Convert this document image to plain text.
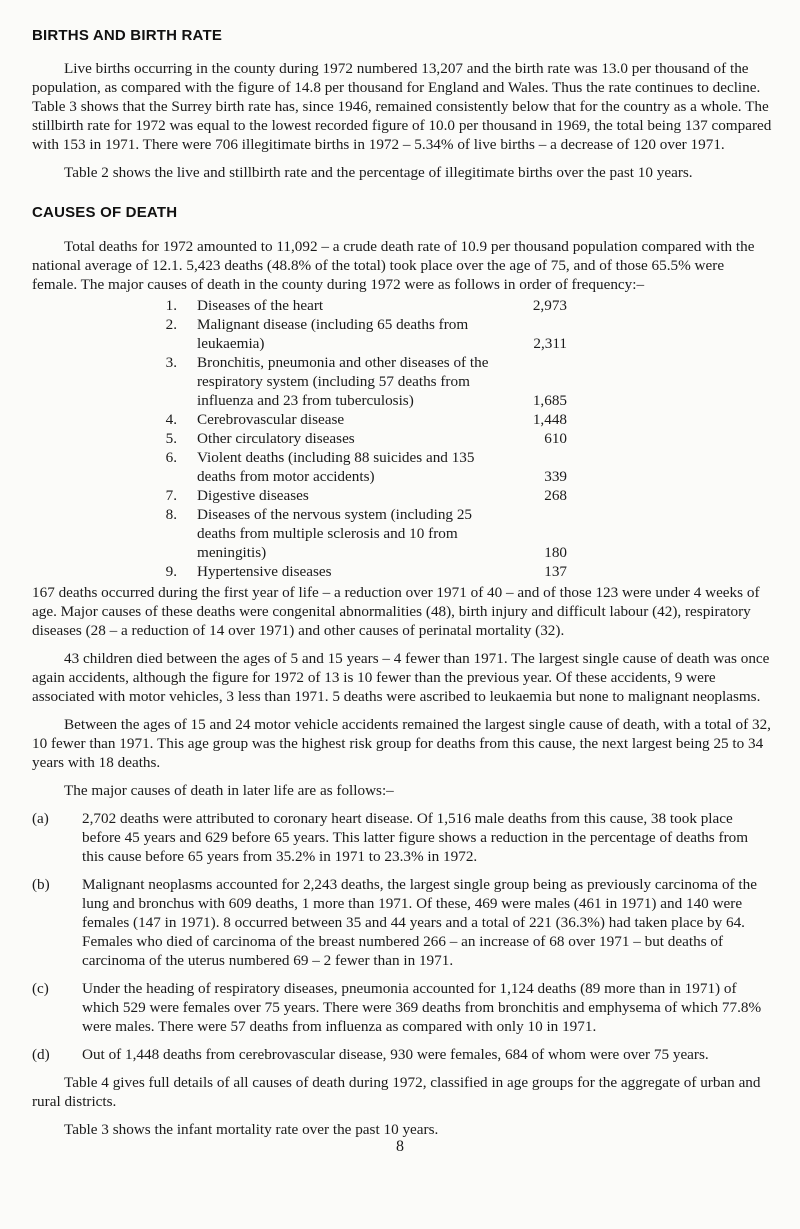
BIRTHS AND BIRTH RATE

Live births occurring in the county during 1972 numbered 13,207 and the birth rate was 13.0 per thousand of the population, as compared with the figure of 14.8 per thousand for England and Wales. Thus the rate continues to decline. Table 3 shows that the Surrey birth rate has, since 1946, remained consistently below that for the country as a whole. The stillbirth rate for 1972 was equal to the lowest recorded figure of 10.0 per thousand in 1969, the total being 137 compared with 153 in 1971. There were 706 illegitimate births in 1972 – 5.34% of live births – a decrease of 120 over 1971.

Table 2 shows the live and stillbirth rate and the percentage of illegitimate births over the past 10 years.

CAUSES OF DEATH

Total deaths for 1972 amounted to 11,092 – a crude death rate of 10.9 per thousand population compared with the national average of 12.1. 5,423 deaths (48.8% of the total) took place over the age of 75, and of those 65.5% were female. The major causes of death in the county during 1972 were as follows in order of frequency:–

1.	Diseases of the heart	2,973
2.	Malignant disease (including 65 deaths from leukaemia)	2,311
3.	Bronchitis, pneumonia and other diseases of the respiratory system (including 57 deaths from influenza and 23 from tuberculosis)	1,685
4.	Cerebrovascular disease	1,448
5.	Other circulatory diseases	610
6.	Violent deaths (including 88 suicides and 135 deaths from motor accidents)	339
7.	Digestive diseases	268
8.	Diseases of the nervous system (including 25 deaths from multiple sclerosis and 10 from meningitis)	180
9.	Hypertensive diseases	137

167 deaths occurred during the first year of life – a reduction over 1971 of 40 – and of those 123 were under 4 weeks of age. Major causes of these deaths were congenital abnormalities (48), birth injury and difficult labour (42), respiratory diseases (28 – a reduction of 14 over 1971) and other causes of perinatal mortality (32).

43 children died between the ages of 5 and 15 years – 4 fewer than 1971. The largest single cause of death was once again accidents, although the figure for 1972 of 13 is 10 fewer than the previous year. Of these accidents, 9 were associated with motor vehicles, 3 less than 1971. 5 deaths were ascribed to leukaemia but none to malignant neoplasms.

Between the ages of 15 and 24 motor vehicle accidents remained the largest single cause of death, with a total of 32, 10 fewer than 1971. This age group was the highest risk group for deaths from this cause, the next largest being 25 to 34 years with 18 deaths.

The major causes of death in later life are as follows:–

(a)	2,702 deaths were attributed to coronary heart disease. Of 1,516 male deaths from this cause, 38 took place before 45 years and 629 before 65 years. This latter figure shows a reduction in the percentage of deaths from this cause before 65 years from 35.2% in 1971 to 23.3% in 1972.
(b)	Malignant neoplasms accounted for 2,243 deaths, the largest single group being as previously carcinoma of the lung and bronchus with 609 deaths, 1 more than 1971. Of these, 469 were males (461 in 1971) and 140 were females (147 in 1971). 8 occurred between 35 and 44 years and a total of 221 (36.3%) had taken place by 64. Females who died of carcinoma of the breast numbered 266 – an increase of 68 over 1971 – but deaths of carcinoma of the uterus numbered 69 – 2 fewer than in 1971.
(c)	Under the heading of respiratory diseases, pneumonia accounted for 1,124 deaths (89 more than in 1971) of which 529 were females over 75 years. There were 369 deaths from bronchitis and emphysema of which 77.8% were males. There were 57 deaths from influenza as compared with only 10 in 1971.
(d)	Out of 1,448 deaths from cerebrovascular disease, 930 were females, 684 of whom were over 75 years.

Table 4 gives full details of all causes of death during 1972, classified in age groups for the aggregate of urban and rural districts.

Table 3 shows the infant mortality rate over the past 10 years.

8
